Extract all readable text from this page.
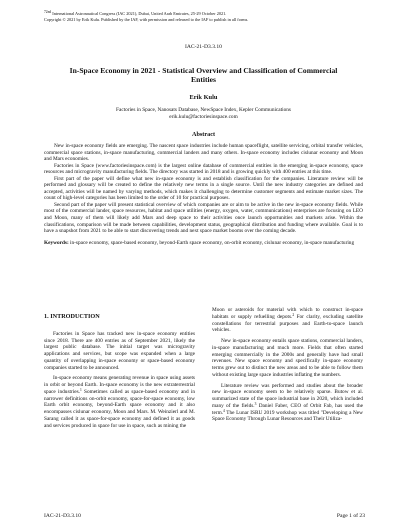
$^{72nd}$ International Astronautical Congress (IAC 2021), Dubai, United Arab Emirates, 25-29 October 2021.
Copyright © 2021 by Erik Kulu. Published by the IAF, with permission and released to the IAF to publish in all forms.
IAC-21-D3.3.10
In-Space Economy in 2021 - Statistical Overview and Classification of Commercial Entities
Erik Kulu
Factories in Space, Nanosats Database, NewSpace Index, Kepler Communications
erik.kulu@factoriesinspace.com
Abstract

New in-space economy fields are emerging. The nascent space industries include human spaceflight, satellite servicing, orbital transfer vehicles, commercial space stations, in-space manufacturing, commercial landers and many others. In-space economy includes cislunar economy and Moon and Mars economies.

Factories in Space (www.factoriesinspace.com) is the largest online database of commercial entities in the emerging in-space economy, space resources and microgravity manufacturing fields. The directory was started in 2018 and is growing quickly with 400 entries at this time.

First part of the paper will define what new in-space economy is and establish classification for the companies. Literature review will be performed and glossary will be created to define the relatively new terms in a single source. Until the new industry categories are defined and accepted, activities will be named by varying methods, which makes it challenging to determine customer segments and estimate market sizes. The count of high-level categories has been limited to the order of 10 for practical purposes.

Second part of the paper will present statistical overview of which companies are or aim to be active in the new in-space economy fields. While most of the commercial lander, space resources, habitat and space utilities (energy, oxygen, water, communications) enterprises are focusing on LEO and Moon, many of them will likely add Mars and deep space to their activities once launch opportunities and markets arise. Within the classifications, comparison will be made between capabilities, development status, geographical distribution and funding where available. Goal is to have a snapshot from 2021 to be able to start discovering trends and next space market booms over the coming decade.

Keywords: in-space economy, space-based economy, beyond-Earth space economy, on-orbit economy, cislunar economy, in-space manufacturing

1. INTRODUCTION

Factories in Space has tracked new in-space economy entities since 2018. There are 400 entries as of September 2021, likely the largest public database. The initial target was microgravity applications and services, but scope was expanded when a large quantity of overlapping in-space economy or space-based economy companies started to be announced.

In-space economy means generating revenue in space using assets in orbit or beyond Earth. In-space economy is the new extraterrestrial space industries.$^1$ Sometimes called as space-based economy and in narrower definitions on-orbit economy, space-for-space economy, low Earth orbit economy, beyond-Earth space economy and it also encompasses cislunar economy, Moon and Mars. M. Weinzierl and M. Sarang called it as space-for-space economy and defined it as goods and services produced in space for use in space, such as mining the

Moon or asteroids for material with which to construct in-space habitats or supply refuelling depots.$^2$ For clarity, excluding satellite constellations for terrestrial purposes and Earth-to-space launch vehicles.

New in-space economy entails space stations, commercial landers, in-space manufacturing and much more. Fields that often started emerging commercially in the 2000s and generally have had small revenues. New space economy and specifically in-space economy terms grew out to distinct the new areas and to be able to follow them without existing large space industries inflating the numbers.

Literature review was performed and studies about the broader new in-space economy seem to be relatively sparse. Butow et al. summarized state of the space industrial base in 2020, which included many of the fields.$^3$ Daniel Faber, CEO of Orbit Fab, has used the term.$^4$ The Lunar ISRU 2019 workshop was titled "Developing a New Space Economy Through Lunar Resources and Their Utiliza-

IAC-21-D3.3.10	Page 1 of 23
